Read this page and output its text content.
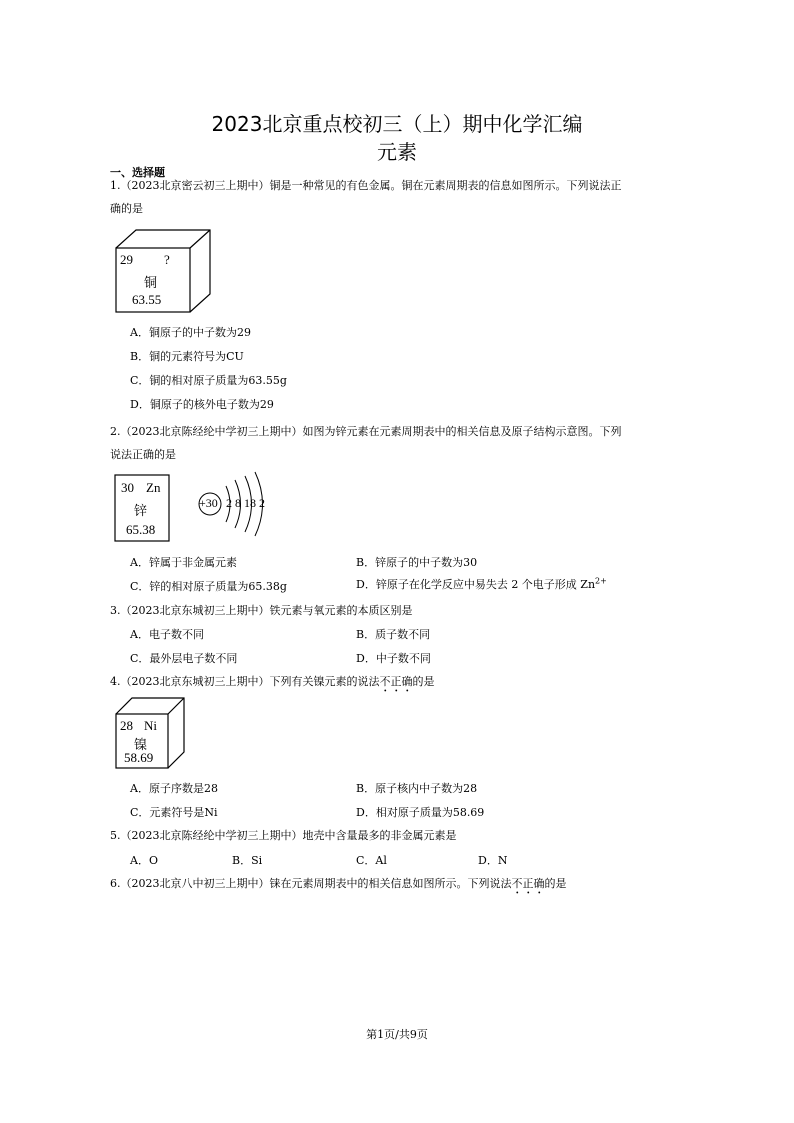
2023北京重点校初三（上）期中化学汇编
元素
一、选择题
1.（2023北京密云初三上期中）铜是一种常见的有色金属。铜在元素周期表的信息如图所示。下列说法正
确的是
29 ?
铜
63.55
A．铜原子的中子数为29
B．铜的元素符号为CU
C．铜的相对原子质量为63.55g
D．铜原子的核外电子数为29
2.（2023北京陈经纶中学初三上期中）如图为锌元素在元素周期表中的相关信息及原子结构示意图。下列
说法正确的是
30 Zn
锌
65.38
+30 2 8 18 2
A．锌属于非金属元素	B．锌原子的中子数为30
C．锌的相对原子质量为65.38g	D．锌原子在化学反应中易失去 2 个电子形成 $Zn^{2+}$
3.（2023北京东城初三上期中）铁元素与氧元素的本质区别是
A．电子数不同	B．质子数不同
C．最外层电子数不同	D．中子数不同
4.（2023北京东城初三上期中）下列有关镍元素的说法不正确的是
28 Ni
镍
58.69
A．原子序数是28	B．原子核内中子数为28
C．元素符号是Ni	D．相对原子质量为58.69
5.（2023北京陈经纶中学初三上期中）地壳中含量最多的非金属元素是
A．O	B．Si	C．Al	D．N
6.（2023北京八中初三上期中）铼在元素周期表中的相关信息如图所示。下列说法不正确的是
第1页/共9页
